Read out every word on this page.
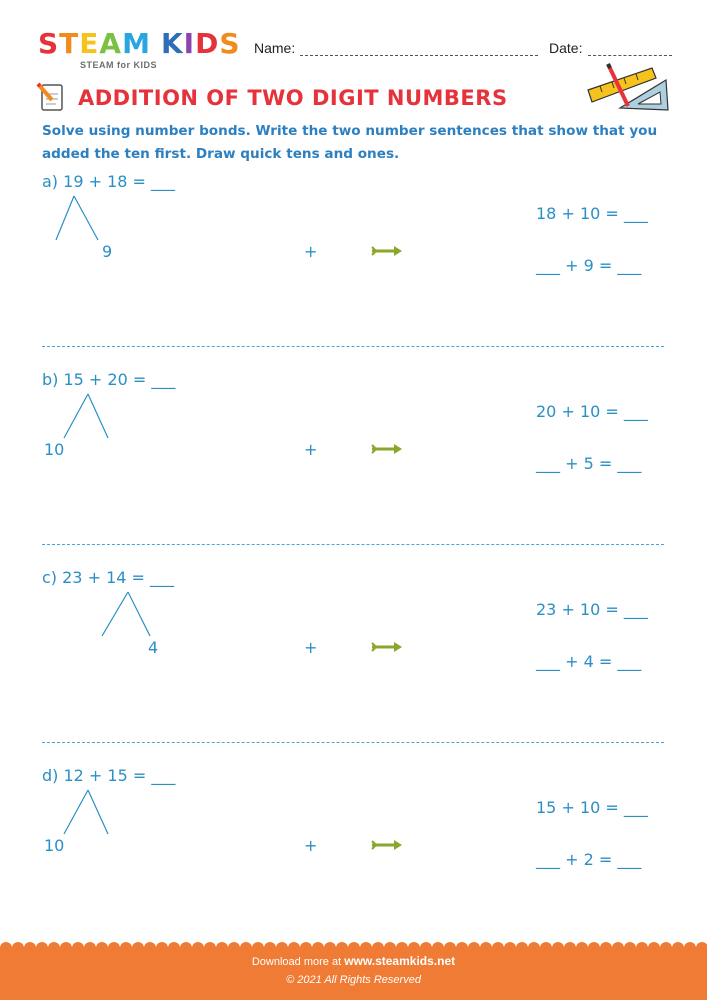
STEAM KIDS
STEAM for KIDS
Name:	Date:
ADDITION OF TWO DIGIT NUMBERS
Solve using number bonds. Write the two number sentences that show that you added the ten first. Draw quick tens and ones.
a) 19 + 18 = ___
9	+
18 + 10 = ___
___ + 9 = ___
b) 15 + 20 = ___
10	+
20 + 10 = ___
___ + 5 = ___
c) 23 + 14 = ___
4	+
23 + 10 = ___
___ + 4 = ___
d) 12 + 15 = ___
10	+
15 + 10 = ___
___ + 2 = ___
Download more at www.steamkids.net
© 2021 All Rights Reserved
